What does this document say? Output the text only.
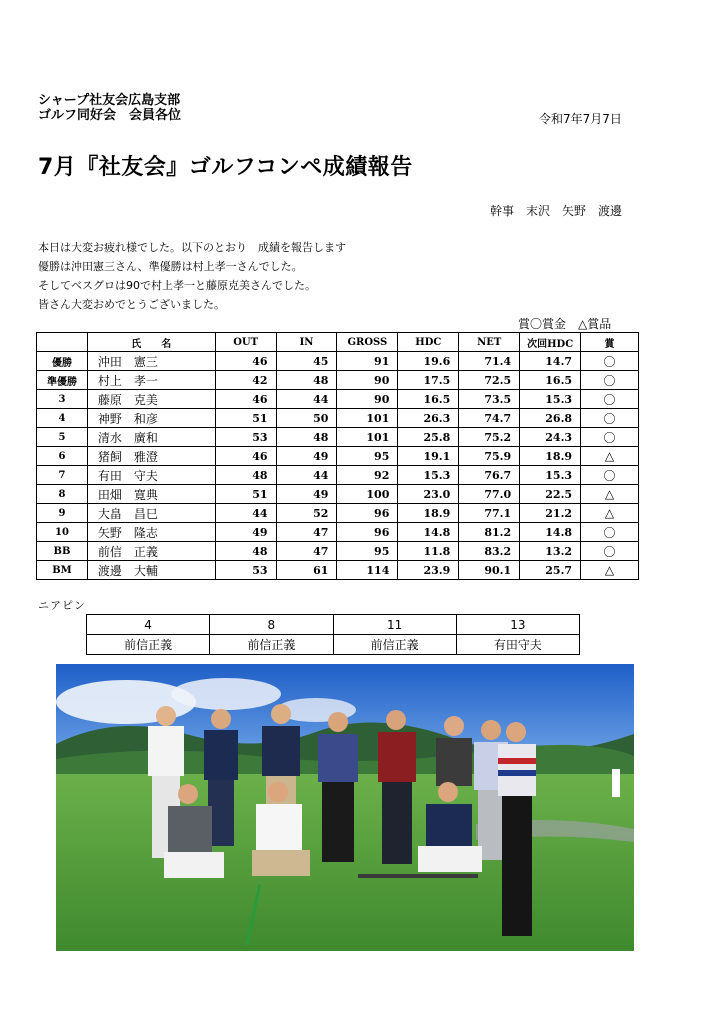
シャープ社友会広島支部
ゴルフ同好会　会員各位	令和7年7月7日
7月『社友会』ゴルフコンペ成績報告
幹事　末沢　矢野　渡邊
本日は大変お疲れ様でした。以下のとおり　成績を報告します
優勝は沖田憲三さん、準優勝は村上孝一さんでした。
そしてベスグロは90で村上孝一と藤原克美さんでした。
皆さん大変おめでとうございました。
賞〇賞金　△賞品
	氏　　名	OUT	IN	GROSS	HDC	NET	次回HDC	賞
優勝	沖田　憲三	46	45	91	19.6	71.4	14.7	〇
準優勝	村上　孝一	42	48	90	17.5	72.5	16.5	〇
3	藤原　克美	46	44	90	16.5	73.5	15.3	〇
4	神野　和彦	51	50	101	26.3	74.7	26.8	〇
5	清水　廣和	53	48	101	25.8	75.2	24.3	〇
6	猪飼　雅澄	46	49	95	19.1	75.9	18.9	△
7	有田　守夫	48	44	92	15.3	76.7	15.3	〇
8	田畑　寛典	51	49	100	23.0	77.0	22.5	△
9	大畠　昌巳	44	52	96	18.9	77.1	21.2	△
10	矢野　隆志	49	47	96	14.8	81.2	14.8	〇
BB	前信　正義	48	47	95	11.8	83.2	13.2	〇
BM	渡邊　大輔	53	61	114	23.9	90.1	25.7	△
ニアピン
4	8	11	13
前信正義	前信正義	前信正義	有田守夫
